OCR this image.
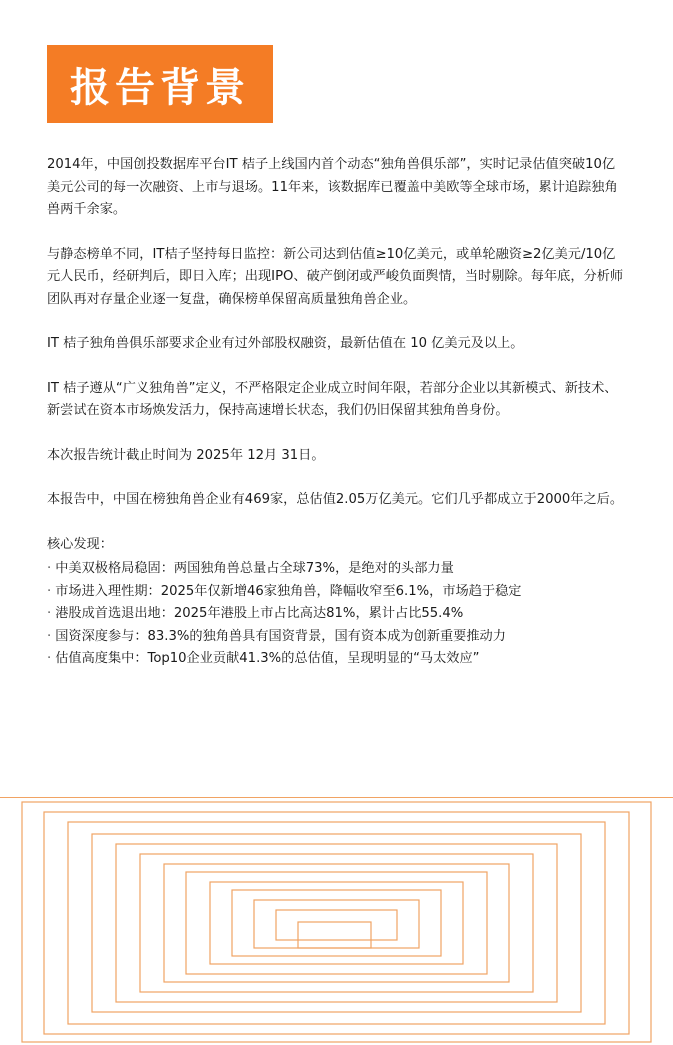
报告背景

2014年，中国创投数据库平台IT 桔子上线国内首个动态“独角兽俱乐部”，实时记录估值突破10亿美元公司的每一次融资、上市与退场。11年来，该数据库已覆盖中美欧等全球市场，累计追踪独角兽两千余家。

与静态榜单不同，IT桔子坚持每日监控：新公司达到估值≥10亿美元，或单轮融资≥2亿美元/10亿元人民币，经研判后，即日入库；出现IPO、破产倒闭或严峻负面舆情，当时剔除。每年底，分析师团队再对存量企业逐一复盘，确保榜单保留高质量独角兽企业。

IT 桔子独角兽俱乐部要求企业有过外部股权融资，最新估值在 10 亿美元及以上。

IT 桔子遵从“广义独角兽”定义，不严格限定企业成立时间年限，若部分企业以其新模式、新技术、新尝试在资本市场焕发活力，保持高速增长状态，我们仍旧保留其独角兽身份。

本次报告统计截止时间为 2025年 12月 31日。

本报告中，中国在榜独角兽企业有469家，总估值2.05万亿美元。它们几乎都成立于2000年之后。

核心发现：

· 中美双极格局稳固：两国独角兽总量占全球73%，是绝对的头部力量

· 市场进入理性期：2025年仅新增46家独角兽，降幅收窄至6.1%，市场趋于稳定

· 港股成首选退出地：2025年港股上市占比高达81%，累计占比55.4%

· 国资深度参与：83.3%的独角兽具有国资背景，国有资本成为创新重要推动力

· 估值高度集中：Top10企业贡献41.3%的总估值，呈现明显的“马太效应”
